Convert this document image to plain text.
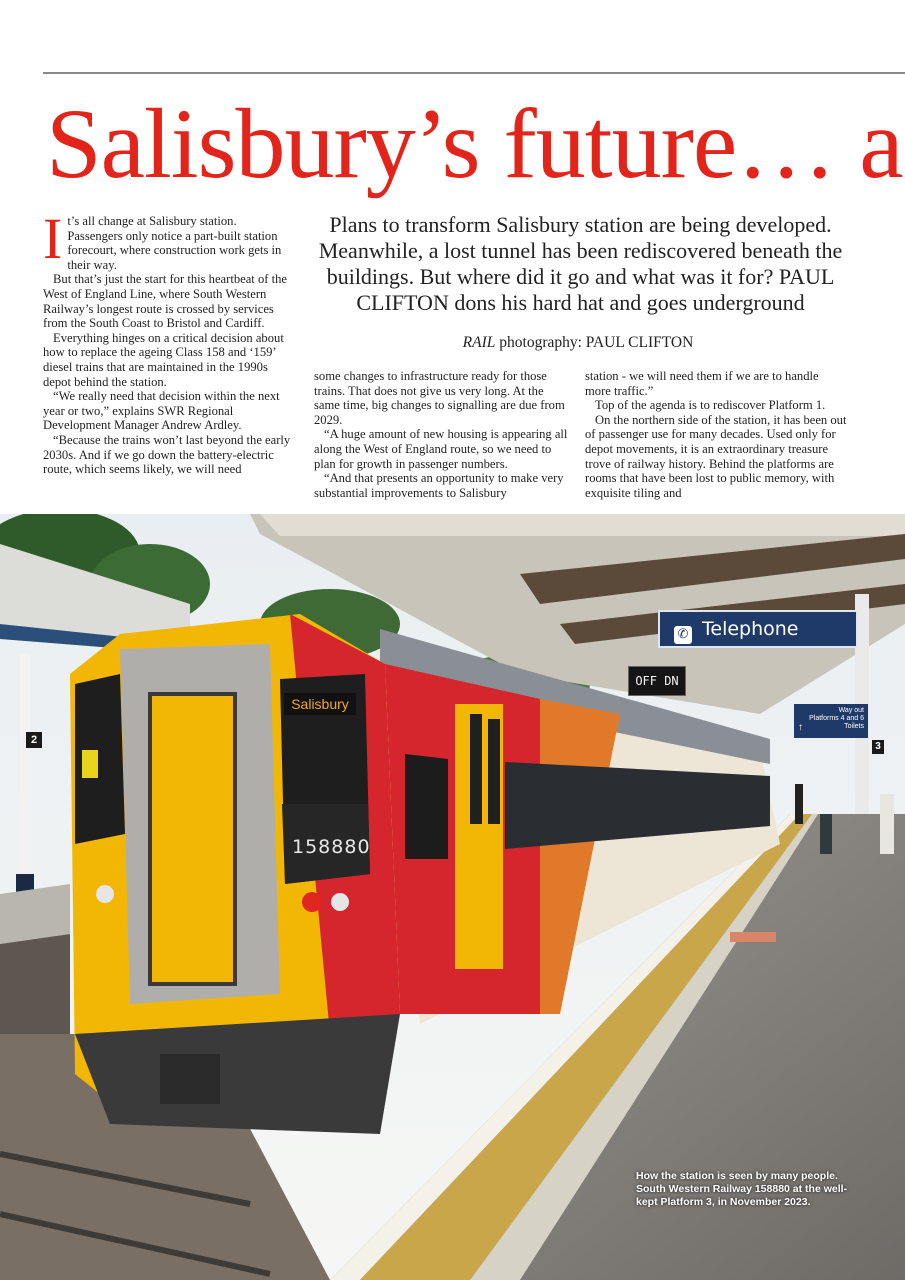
Salisbury’s future… a

It’s all change at Salisbury station. Passengers only notice a part-built station forecourt, where construction work gets in their way.

But that’s just the start for this heartbeat of the West of England Line, where South Western Railway’s longest route is crossed by services from the South Coast to Bristol and Cardiff.

Everything hinges on a critical decision about how to replace the ageing Class 158 and ‘159’ diesel trains that are maintained in the 1990s depot behind the station.

“We really need that decision within the next year or two,” explains SWR Regional Development Manager Andrew Ardley.

“Because the trains won’t last beyond the early 2030s. And if we go down the battery-electric route, which seems likely, we will need

Plans to transform Salisbury station are being developed. Meanwhile, a lost tunnel has been rediscovered beneath the buildings. But where did it go and what was it for? PAUL CLIFTON dons his hard hat and goes underground
RAIL photography: PAUL CLIFTON

some changes to infrastructure ready for those trains. That does not give us very long. At the same time, big changes to signalling are due from 2029.

“A huge amount of new housing is appearing all along the West of England route, so we need to plan for growth in passenger numbers.

“And that presents an opportunity to make very substantial improvements to Salisbury

station - we will need them if we are to handle more traffic.”

Top of the agenda is to rediscover Platform 1.

On the northern side of the station, it has been out of passenger use for many decades. Used only for depot movements, it is an extraordinary treasure trove of railway history. Behind the platforms are rooms that have been lost to public memory, with exquisite tiling and

✆ Telephone
OFF DN
Way out
Platforms 4 and 6
↑	Toilets
Salisbury
158880
2
3
How the station is seen by many people. South Western Railway 158880 at the well-kept Platform 3, in November 2023.
